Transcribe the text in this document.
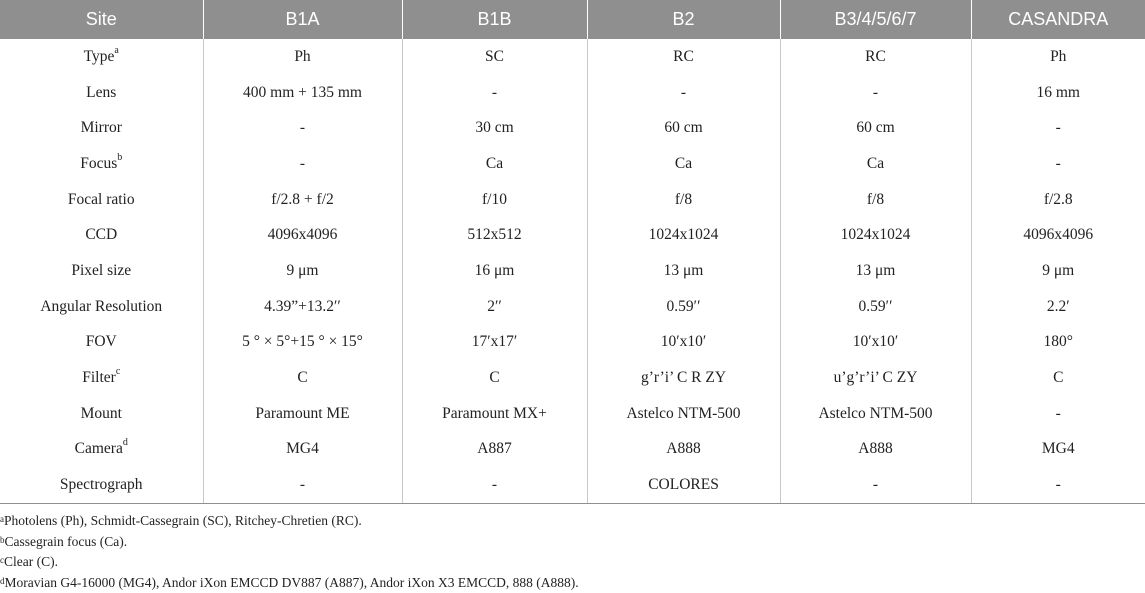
Site	B1A	B1B	B2	B3/4/5/6/7	CASANDRA
Type$^a$	Ph	SC	RC	RC	Ph
Lens	400 mm + 135 mm	-	-	-	16 mm
Mirror	-	30 cm	60 cm	60 cm	-
Focus$^b$	-	Ca	Ca	Ca	-
Focal ratio	f/2.8 + f/2	f/10	f/8	f/8	f/2.8
CCD	4096x4096	512x512	1024x1024	1024x1024	4096x4096
Pixel size	9 μm	16 μm	13 μm	13 μm	9 μm
Angular Resolution	4.39”+13.2′′	2′′	0.59′′	0.59′′	2.2′
FOV	5 ° × 5°+15 ° × 15°	17′x17′	10′x10′	10′x10′	180°
Filter$^c$	C	C	g’r’i’ C R ZY	u’g’r’i’ C ZY	C
Mount	Paramount ME	Paramount MX+	Astelco NTM-500	Astelco NTM-500	-
Camera$^d$	MG4	A887	A888	A888	MG4
Spectrograph	-	-	COLORES	-	-
$^a$Photolens (Ph), Schmidt-Cassegrain (SC), Ritchey-Chretien (RC).
$^b$Cassegrain focus (Ca).
$^c$Clear (C).
$^d$Moravian G4-16000 (MG4), Andor iXon EMCCD DV887 (A887), Andor iXon X3 EMCCD, 888 (A888).
